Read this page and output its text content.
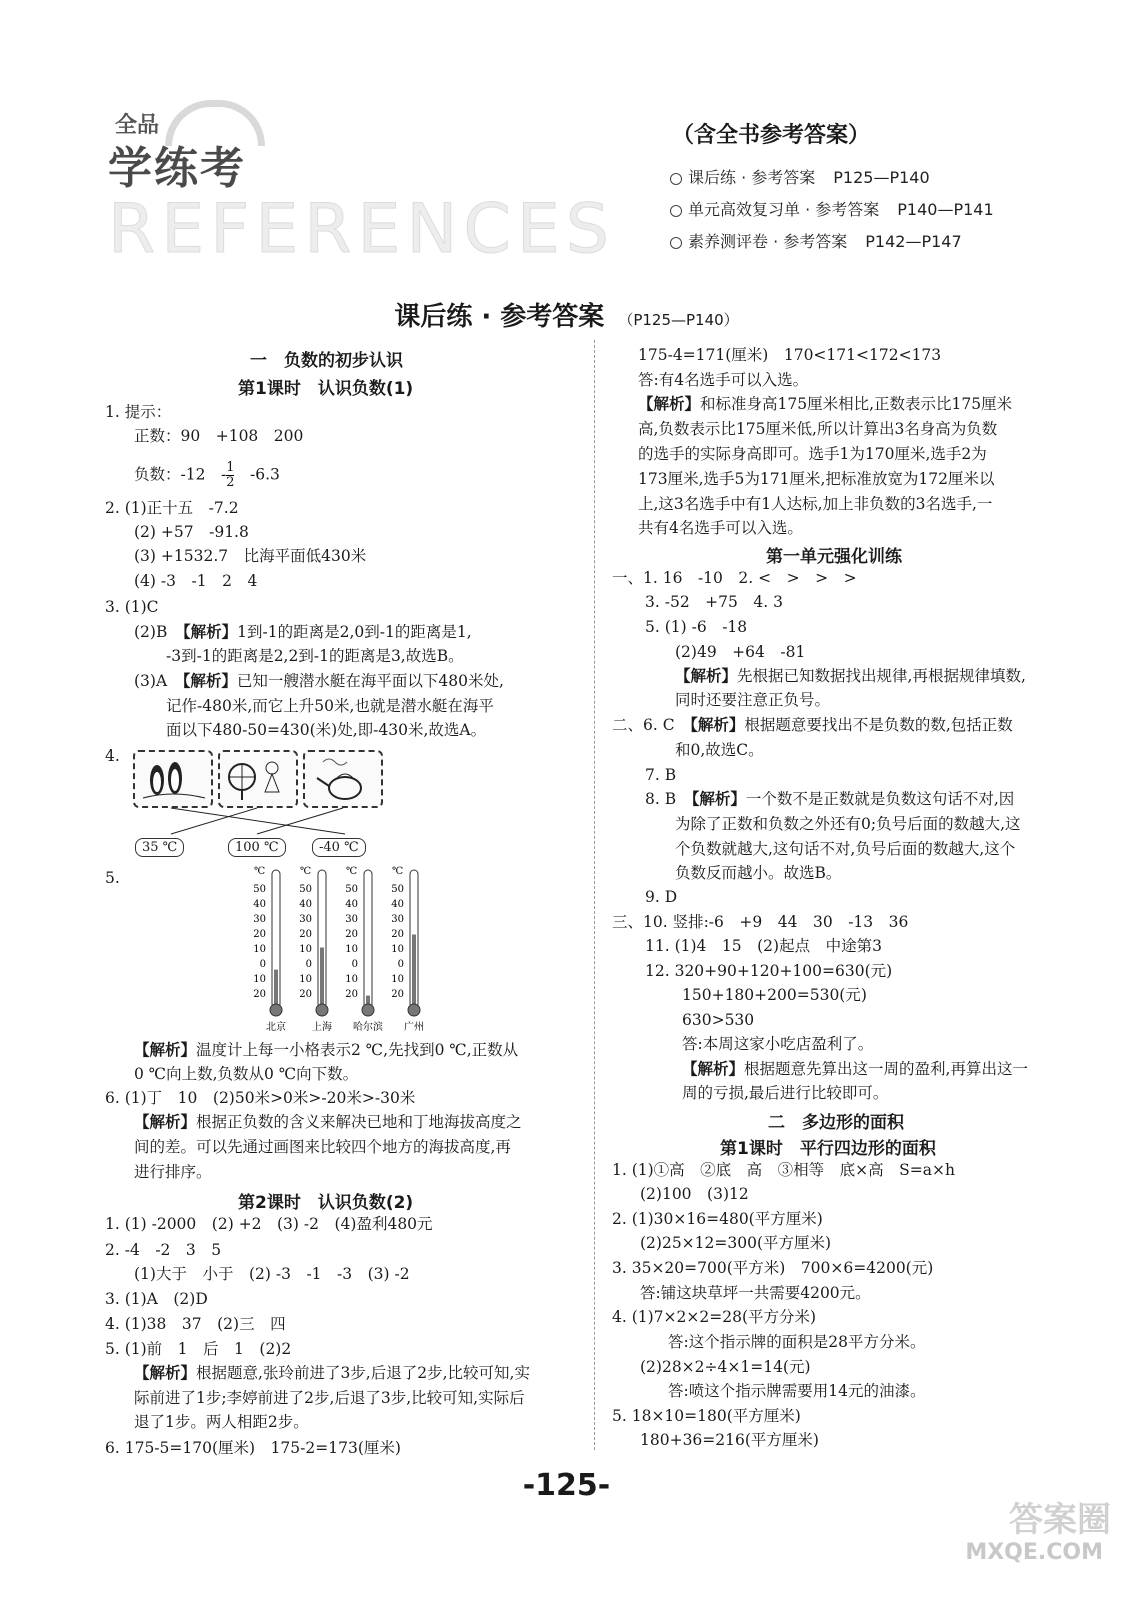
全品
学练考
REFERENCES
（含全书参考答案）
课后练 · 参考答案 P125—P140
单元高效复习单 · 参考答案 P140—P141
素养测评卷 · 参考答案 P142—P147
课后练 · 参考答案 （P125—P140）
一　负数的初步认识
第1课时　认识负数(1)
1. 提示：
正数：90　+108　200
负数：-12　- $\frac{1}{2}$
　 -6.3
2. (1)正十五　-7.2
(2) +57　-91.8
(3) +1532.7　比海平面低430米
(4) -3　-1　2　4
3. (1)C
(2)B　【解析】1到-1的距离是2,0到-1的距离是1,
-3到-1的距离是2,2到-1的距离是3,故选B。
(3)A　【解析】已知一艘潜水艇在海平面以下480米处,
记作-480米,而它上升50米,也就是潜水艇在海平
面以下480-50=430(米)处,即-430米,故选A。
4.
35 ℃	100 ℃	-40 ℃
5.	℃
50
40
30
20
10
0
10
20
北京
℃
50
40
30
20
10
0
10
20
上海
℃
50
40
30
20
10
0
10
20
哈尔滨
℃
50
40
30
20
10
0
10
20
广州
【解析】温度计上每一小格表示2 ℃,先找到0 ℃,正数从
0 ℃向上数,负数从0 ℃向下数。
6. (1)丁　10　(2)50米>0米>-20米>-30米
【解析】根据正负数的含义来解决已地和丁地海拔高度之
间的差。可以先通过画图来比较四个地方的海拔高度,再
进行排序。
第2课时　认识负数(2)
1. (1) -2000　(2) +2　(3) -2　(4)盈利480元
2. -4　-2　3　5
(1)大于　小于　(2) -3　-1　-3　(3) -2
3. (1)A　(2)D
4. (1)38　37　(2)三　四
5. (1)前　1　后　1　(2)2
【解析】根据题意,张玲前进了3步,后退了2步,比较可知,实
际前进了1步;李婷前进了2步,后退了3步,比较可知,实际后
退了1步。两人相距2步。
6. 175-5=170(厘米)　175-2=173(厘米)
175-4=171(厘米)　170<171<172<173
答:有4名选手可以入选。
【解析】和标准身高175厘米相比,正数表示比175厘米
高,负数表示比175厘米低,所以计算出3名身高为负数
的选手的实际身高即可。选手1为170厘米,选手2为
173厘米,选手5为171厘米,把标准放宽为172厘米以
上,这3名选手中有1人达标,加上非负数的3名选手,一
共有4名选手可以入选。
第一单元强化训练
一、1. 16　-10　2. <　>　>　>
3. -52　+75　4. 3
5. (1) -6　-18
(2)49　+64　-81
【解析】先根据已知数据找出规律,再根据规律填数,
同时还要注意正负号。
二、6. C　【解析】根据题意要找出不是负数的数,包括正数
和0,故选C。
7. B
8. B　【解析】一个数不是正数就是负数这句话不对,因
为除了正数和负数之外还有0;负号后面的数越大,这
个负数就越大,这句话不对,负号后面的数越大,这个
负数反而越小。故选B。
9. D
三、10. 竖排:-6　+9　44　30　-13　36
11. (1)4　15　(2)起点　中途第3
12. 320+90+120+100=630(元)
150+180+200=530(元)
630>530
答:本周这家小吃店盈利了。
【解析】根据题意先算出这一周的盈利,再算出这一
周的亏损,最后进行比较即可。
二　多边形的面积
第1课时　平行四边形的面积
1. (1)①高　②底　高　③相等　底×高　S=a×h
(2)100　(3)12
2. (1)30×16=480(平方厘米)
(2)25×12=300(平方厘米)
3. 35×20=700(平方米)　700×6=4200(元)
答:铺这块草坪一共需要4200元。
4. (1)7×2×2=28(平方分米)
答:这个指示牌的面积是28平方分米。
(2)28×2÷4×1=14(元)
答:喷这个指示牌需要用14元的油漆。
5. 18×10=180(平方厘米)
180+36=216(平方厘米)
-125-
答案圈
MXQE.COM
